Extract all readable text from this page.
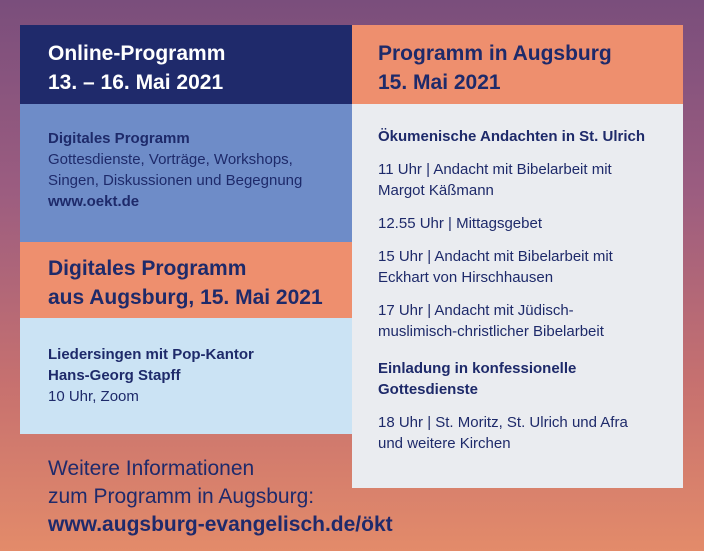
Online-Programm
13. – 16. Mai 2021
Digitales Programm
Gottesdienste, Vorträge, Workshops,
Singen, Diskussionen und Begegnung
www.oekt.de
Digitales Programm
aus Augsburg, 15. Mai 2021
Liedersingen mit Pop-Kantor
Hans-Georg Stapff
10 Uhr, Zoom
Programm in Augsburg
15. Mai 2021
Ökumenische Andachten in St. Ulrich
11 Uhr | Andacht mit Bibelarbeit mit
Margot Käßmann
12.55 Uhr | Mittagsgebet
15 Uhr | Andacht mit Bibelarbeit mit
Eckhart von Hirschhausen
17 Uhr | Andacht mit Jüdisch-
muslimisch-christlicher Bibelarbeit
Einladung in konfessionelle
Gottesdienste
18 Uhr | St. Moritz, St. Ulrich und Afra
und weitere Kirchen
Weitere Informationen
zum Programm in Augsburg:
www.augsburg-evangelisch.de/ökt
